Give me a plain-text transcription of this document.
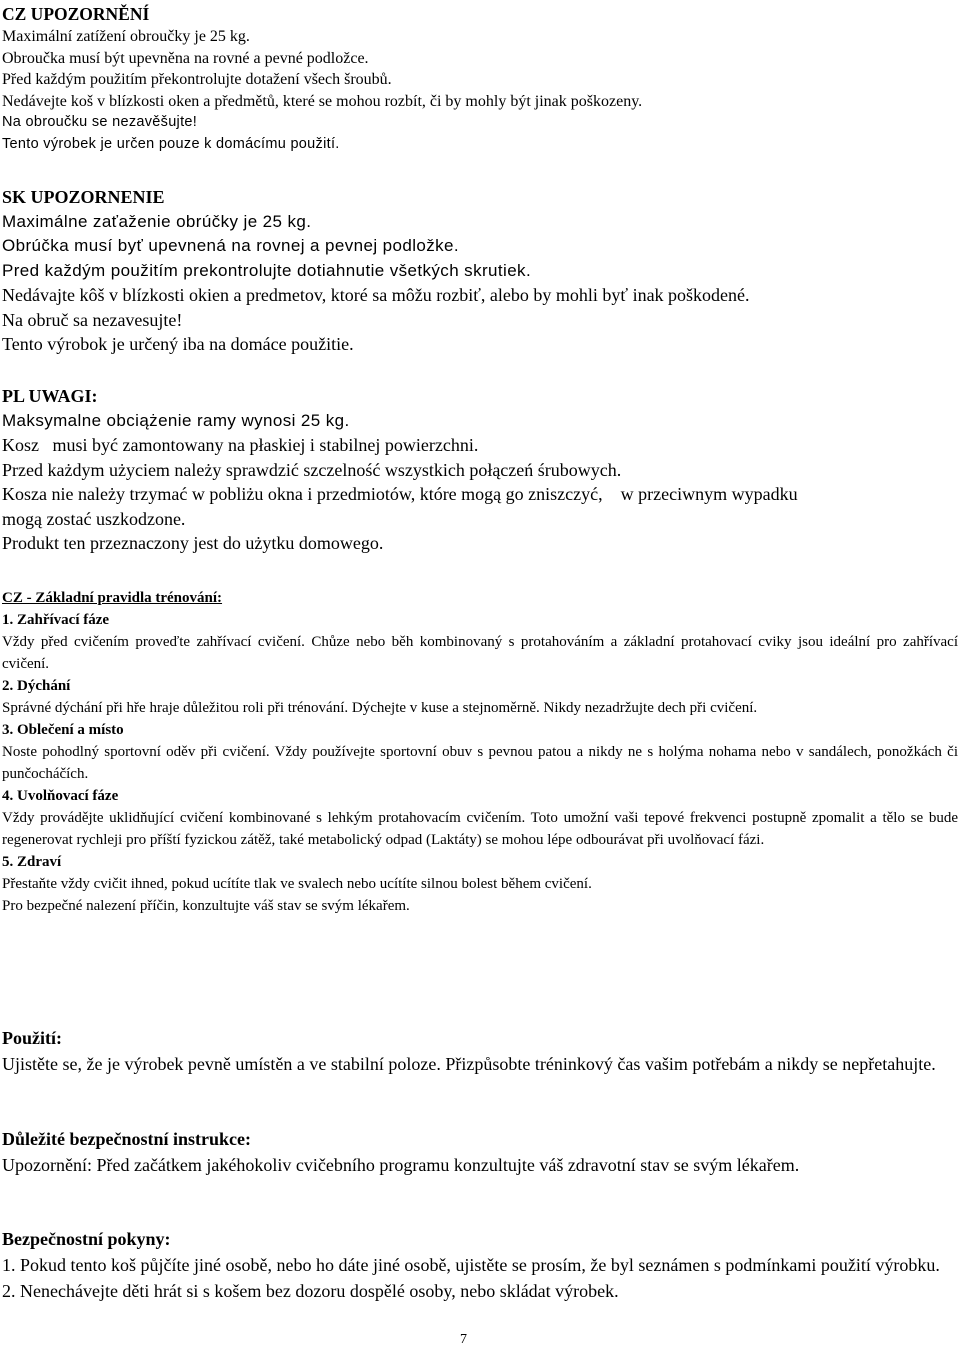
CZ UPOZORNĚNÍ
Maximální zatížení obroučky je 25 kg.
Obroučka musí být upevněna na rovné a pevné podložce.
Před každým použitím překontrolujte dotažení všech šroubů.
Nedávejte koš v blízkosti oken a předmětů, které se mohou rozbít, či by mohly být jinak poškozeny.
Na obroučku se nezavěšujte!
Tento výrobek je určen pouze k domácímu použití.
SK UPOZORNENIE
Maximálne zaťaženie obrúčky je 25 kg.
Obrúčka musí byť upevnená na rovnej a pevnej podložke.
Pred každým použitím prekontrolujte dotiahnutie všetkých skrutiek.
Nedávajte kôš v blízkosti okien a predmetov, ktoré sa môžu rozbiť, alebo by mohli byť inak poškodené.
Na obruč sa nezavesujte!
Tento výrobok je určený iba na domáce použitie.
PL UWAGI:
Maksymalne obciążenie ramy wynosi 25 kg.
Kosz   musi być zamontowany na płaskiej i stabilnej powierzchni.
Przed każdym użyciem należy sprawdzić szczelność wszystkich połączeń śrubowych.
Kosza nie należy trzymać w pobliżu okna i przedmiotów, które mogą go zniszczyć,    w przeciwnym wypadku
mogą zostać uszkodzone.
Produkt ten przeznaczony jest do użytku domowego.
CZ - Základní pravidla trénování:
1. Zahřívací fáze
Vždy před cvičením proveďte zahřívací cvičení. Chůze nebo běh kombinovaný s protahováním a základní protahovací cviky jsou ideální pro zahřívací cvičení.
2. Dýchání
Správné dýchání při hře hraje důležitou roli při trénování. Dýchejte v kuse a stejnoměrně. Nikdy nezadržujte dech při cvičení.
3. Oblečení a místo
Noste pohodlný sportovní oděv při cvičení. Vždy používejte sportovní obuv s pevnou patou a nikdy ne s holýma nohama nebo v sandálech, ponožkách či punčocháčích.
4. Uvolňovací fáze
Vždy provádějte uklidňující cvičení kombinované s lehkým protahovacím cvičením. Toto umožní vaši tepové frekvenci postupně zpomalit a tělo se bude regenerovat rychleji pro příští fyzickou zátěž, také metabolický odpad (Laktáty) se mohou lépe odbourávat při uvolňovací fázi.
5. Zdraví
Přestaňte vždy cvičit ihned, pokud ucítíte tlak ve svalech nebo ucítíte silnou bolest během cvičení.
Pro bezpečné nalezení příčin, konzultujte váš stav se svým lékařem.
Použití:
Ujistěte se, že je výrobek pevně umístěn a ve stabilní poloze. Přizpůsobte tréninkový čas vašim potřebám a nikdy se nepřetahujte.
Důležité bezpečnostní instrukce:
Upozornění: Před začátkem jakéhokoliv cvičebního programu konzultujte váš zdravotní stav se svým lékařem.
Bezpečnostní pokyny:
1. Pokud tento koš půjčíte jiné osobě, nebo ho dáte jiné osobě, ujistěte se prosím, že byl seznámen s podmínkami použití výrobku.
2. Nenechávejte děti hrát si s košem bez dozoru dospělé osoby, nebo skládat výrobek.
7
